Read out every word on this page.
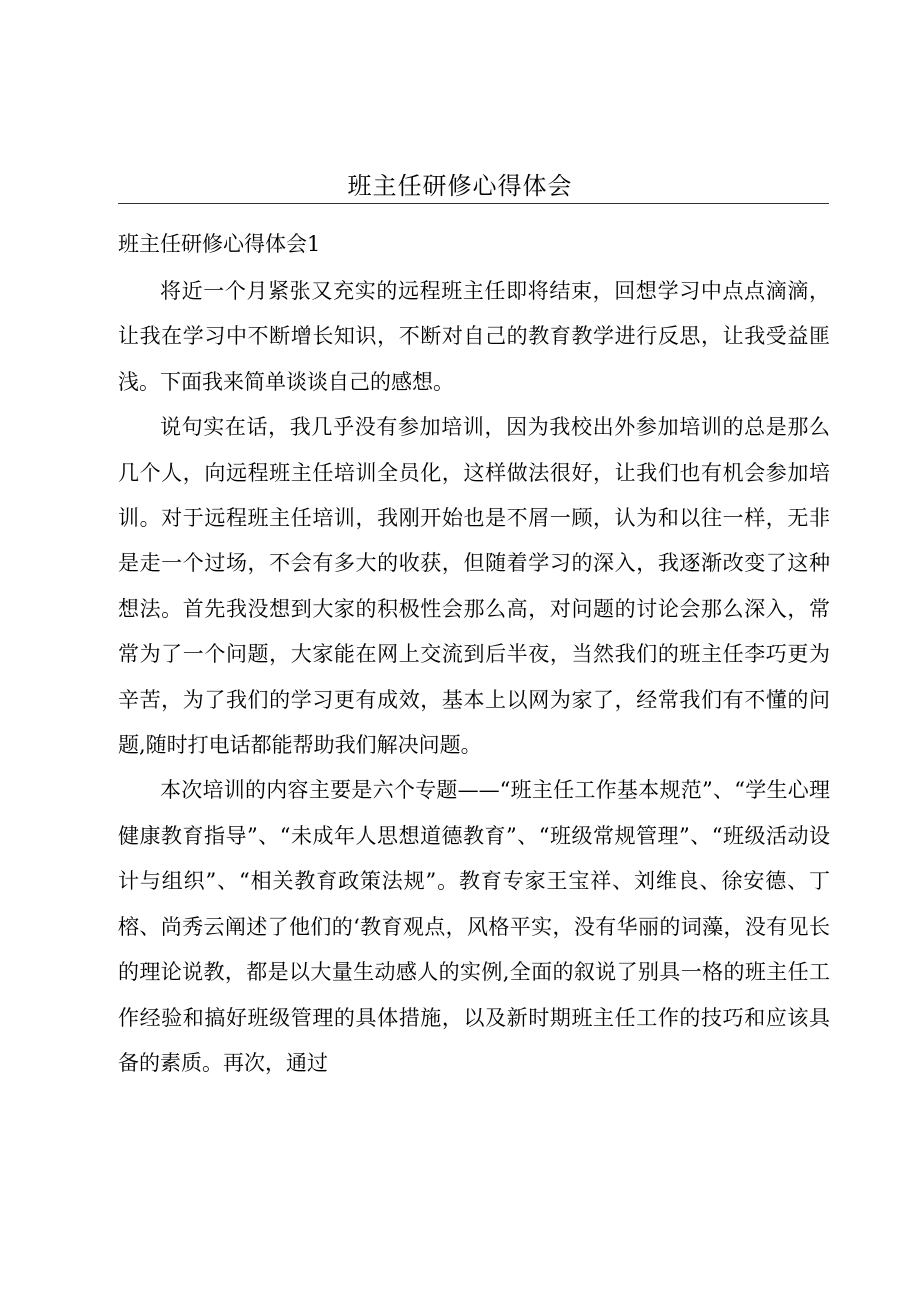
班主任研修心得体会
班主任研修心得体会1

将近一个月紧张又充实的远程班主任即将结束，回想学习中点点滴滴，让我在学习中不断增长知识，不断对自己的教育教学进行反思，让我受益匪浅。下面我来简单谈谈自己的感想。

说句实在话，我几乎没有参加培训，因为我校出外参加培训的总是那么几个人，向远程班主任培训全员化，这样做法很好，让我们也有机会参加培训。对于远程班主任培训，我刚开始也是不屑一顾，认为和以往一样，无非是走一个过场，不会有多大的收获，但随着学习的深入，我逐渐改变了这种想法。首先我没想到大家的积极性会那么高，对问题的讨论会那么深入，常常为了一个问题，大家能在网上交流到后半夜，当然我们的班主任李巧更为辛苦，为了我们的学习更有成效，基本上以网为家了，经常我们有不懂的问题,随时打电话都能帮助我们解决问题。

本次培训的内容主要是六个专题——“班主任工作基本规范”、“学生心理健康教育指导”、“未成年人思想道德教育”、“班级常规管理”、“班级活动设计与组织”、“相关教育政策法规”。教育专家王宝祥、刘维良、徐安德、丁榕、尚秀云阐述了他们的‘教育观点，风格平实，没有华丽的词藻，没有见长的理论说教，都是以大量生动感人的实例,全面的叙说了别具一格的班主任工作经验和搞好班级管理的具体措施，以及新时期班主任工作的技巧和应该具备的素质。再次，通过
